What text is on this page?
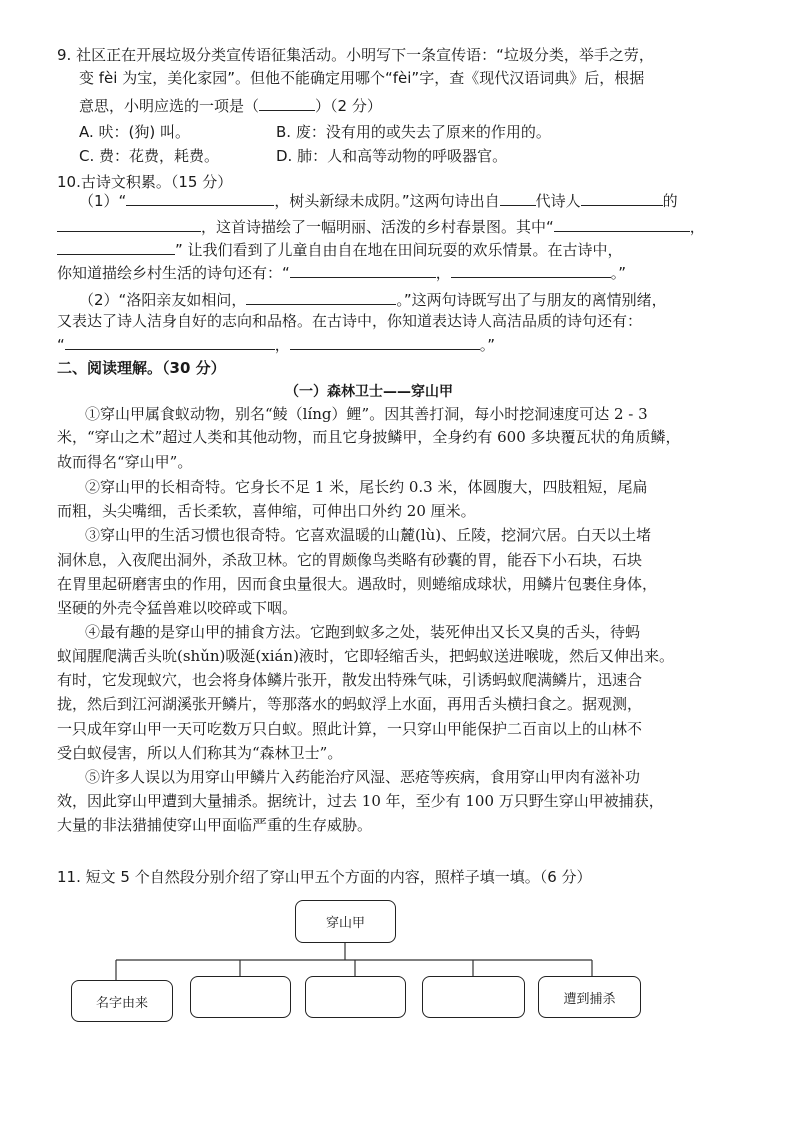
9. 社区正在开展垃圾分类宣传语征集活动。小明写下一条宣传语：“垃圾分类，举手之劳，
变 fèi 为宝，美化家园”。但他不能确定用哪个“fèi”字，查《现代汉语词典》后，根据
意思，小明应选的一项是（	）（2 分）
A. 吠：(狗) 叫。	B. 废：没有用的或失去了原来的作用的。
C. 费：花费，耗费。	D. 肺：人和高等动物的呼吸器官。
10.古诗文积累。（15 分）
（1）“	，树头新绿未成阴。”这两句诗出自 代诗人	的
，这首诗描绘了一幅明丽、活泼的乡村春景图。其中“	，
” 让我们看到了儿童自由自在地在田间玩耍的欢乐情景。在古诗中，
你知道描绘乡村生活的诗句还有：“	，	。”
（2）“洛阳亲友如相问，	。”这两句诗既写出了与朋友的离情别绪，
又表达了诗人洁身自好的志向和品格。在古诗中，你知道表达诗人高洁品质的诗句还有：
“	，	。”
二、阅读理解。（30 分）
（一）森林卫士——穿山甲
①穿山甲属食蚁动物，别名“鲮（líng）鲤”。因其善打洞，每小时挖洞速度可达 2 - 3
米，“穿山之术”超过人类和其他动物，而且它身披鳞甲，全身约有 600 多块覆瓦状的角质鳞，
故而得名“穿山甲”。
②穿山甲的长相奇特。它身长不足 1 米，尾长约 0.3 米，体圆腹大，四肢粗短，尾扁
而粗，头尖嘴细，舌长柔软，喜伸缩，可伸出口外约 20 厘米。
③穿山甲的生活习惯也很奇特。它喜欢温暖的山麓(lù)、丘陵，挖洞穴居。白天以土堵
洞休息，入夜爬出洞外，杀敌卫林。它的胃颇像鸟类略有砂囊的胃，能吞下小石块，石块
在胃里起研磨害虫的作用，因而食虫量很大。遇敌时，则蜷缩成球状，用鳞片包裹住身体，
坚硬的外壳令猛兽难以咬碎或下咽。
④最有趣的是穿山甲的捕食方法。它跑到蚁多之处，装死伸出又长又臭的舌头，待蚂
蚁闻腥爬满舌头吮(shǔn)吸涎(xián)液时，它即轻缩舌头，把蚂蚁送进喉咙，然后又伸出来。
有时，它发现蚁穴，也会将身体鳞片张开，散发出特殊气味，引诱蚂蚁爬满鳞片，迅速合
拢，然后到江河湖溪张开鳞片，等那落水的蚂蚁浮上水面，再用舌头横扫食之。据观测，
一只成年穿山甲一天可吃数万只白蚁。照此计算，一只穿山甲能保护二百亩以上的山林不
受白蚁侵害，所以人们称其为“森林卫士”。
⑤许多人误以为用穿山甲鳞片入药能治疗风湿、恶疮等疾病，食用穿山甲肉有滋补功
效，因此穿山甲遭到大量捕杀。据统计，过去 10 年，至少有 100 万只野生穿山甲被捕获，
大量的非法猎捕使穿山甲面临严重的生存威胁。
11. 短文 5 个自然段分别介绍了穿山甲五个方面的内容，照样子填一填。（6 分）
穿山甲
名字由来	遭到捕杀
